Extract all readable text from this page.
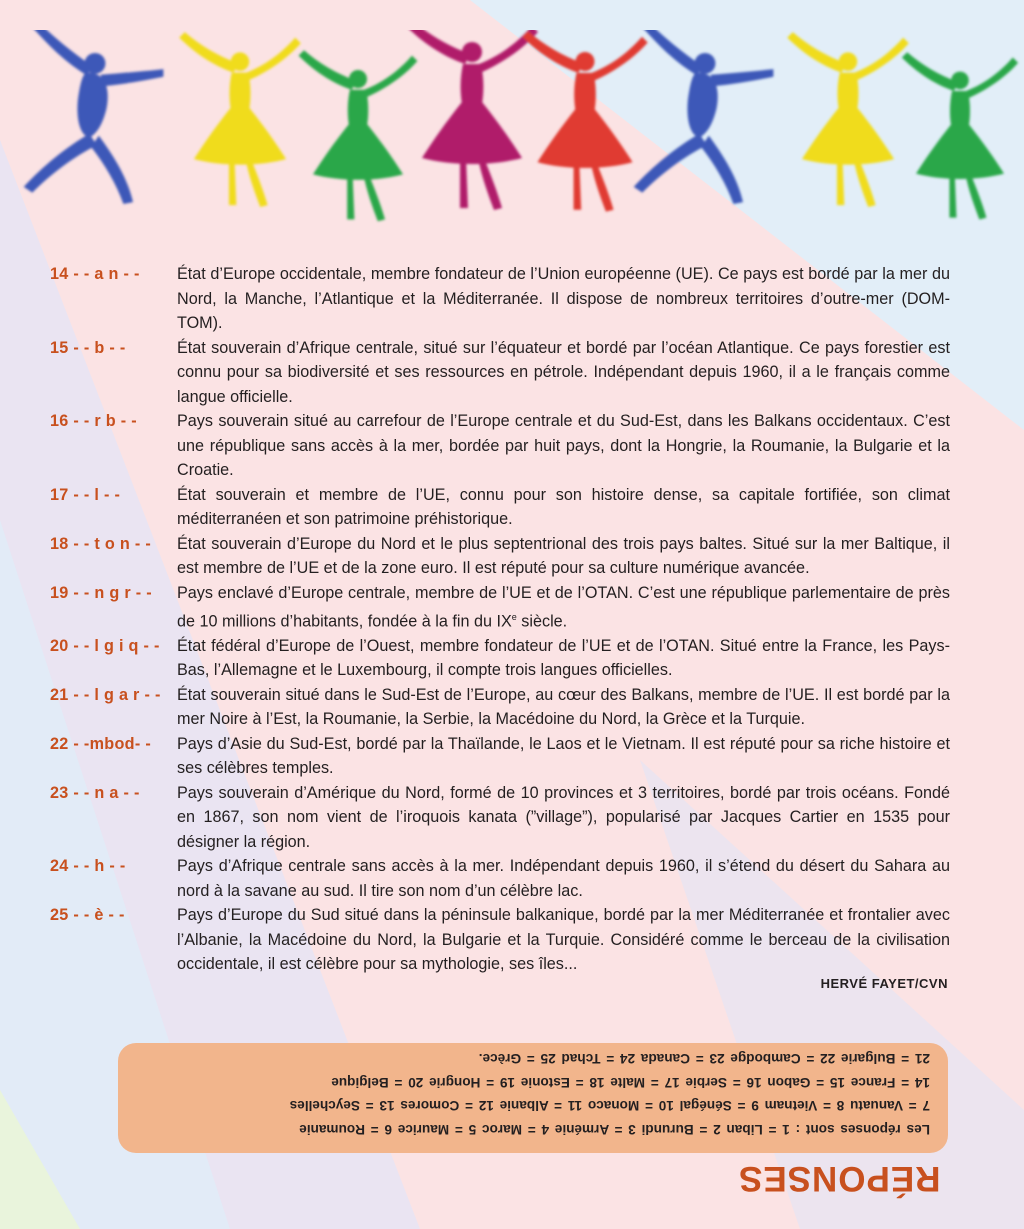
14 - - a n - -	État d’Europe occidentale, membre fondateur de l’Union européenne (UE). Ce pays est bordé par la mer du Nord, la Manche, l’Atlantique et la Méditerranée. Il dispose de nombreux territoires d’outre-mer (DOM-TOM).
15 - - b - -	État souverain d’Afrique centrale, situé sur l’équateur et bordé par l’océan Atlantique. Ce pays forestier est connu pour sa biodiversité et ses ressources en pétrole. Indépendant depuis 1960, il a le français comme langue officielle.
16 - - r b - -	Pays souverain situé au carrefour de l’Europe centrale et du Sud-Est, dans les Balkans occidentaux. C’est une république sans accès à la mer, bordée par huit pays, dont la Hongrie, la Roumanie, la Bulgarie et la Croatie.
17 - - l - -	État souverain et membre de l’UE, connu pour son histoire dense, sa capitale fortifiée, son climat méditerranéen et son patrimoine préhistorique.
18 - - t o n - -	État souverain d’Europe du Nord et le plus septentrional des trois pays baltes. Situé sur la mer Baltique, il est membre de l’UE et de la zone euro. Il est réputé pour sa culture numérique avancée.
19 - - n g r - -	Pays enclavé d’Europe centrale, membre de l’UE et de l’OTAN. C’est une république parlementaire de près de 10 millions d’habitants, fondée à la fin du IXe siècle.
20 - - l g i q - -	État fédéral d’Europe de l’Ouest, membre fondateur de l’UE et de l’OTAN. Situé entre la France, les Pays-Bas, l’Allemagne et le Luxembourg, il compte trois langues officielles.
21 - - l g a r - -	État souverain situé dans le Sud-Est de l’Europe, au cœur des Balkans, membre de l’UE. Il est bordé par la mer Noire à l’Est, la Roumanie, la Serbie, la Macédoine du Nord, la Grèce et la Turquie.
22 - -mbod- -	Pays d’Asie du Sud-Est, bordé par la Thaïlande, le Laos et le Vietnam. Il est réputé pour sa riche histoire et ses célèbres temples.
23 - - n a - -	Pays souverain d’Amérique du Nord, formé de 10 provinces et 3 territoires, bordé par trois océans. Fondé en 1867, son nom vient de l’iroquois kanata (”village”), popularisé par Jacques Cartier en 1535 pour désigner la région.
24 - - h - -	Pays d’Afrique centrale sans accès à la mer. Indépendant depuis 1960, il s’étend du désert du Sahara au nord à la savane au sud. Il tire son nom d’un célèbre lac.
25 - - è - -	Pays d’Europe du Sud situé dans la péninsule balkanique, bordé par la mer Méditerranée et frontalier avec l’Albanie, la Macédoine du Nord, la Bulgarie et la Turquie. Considéré comme le berceau de la civilisation occidentale, il est célèbre pour sa mythologie, ses îles...
HERVÉ FAYET/CVN
Les réponses sont : 1 = Liban 2 = Burundi 3 = Arménie 4 = Maroc 5 = Maurice 6 = Roumanie
7 = Vanuatu 8 = Vietnam 9 = Sénégal 10 = Monaco 11 = Albanie 12 = Comores 13 = Seychelles
14 = France 15 = Gabon 16 = Serbie 17 = Malte 18 = Estonie 19 = Hongrie 20 = Belgique
21 = Bulgarie 22 = Cambodge 23 = Canada 24 = Tchad 25 = Grèce.
RÉPONSES
